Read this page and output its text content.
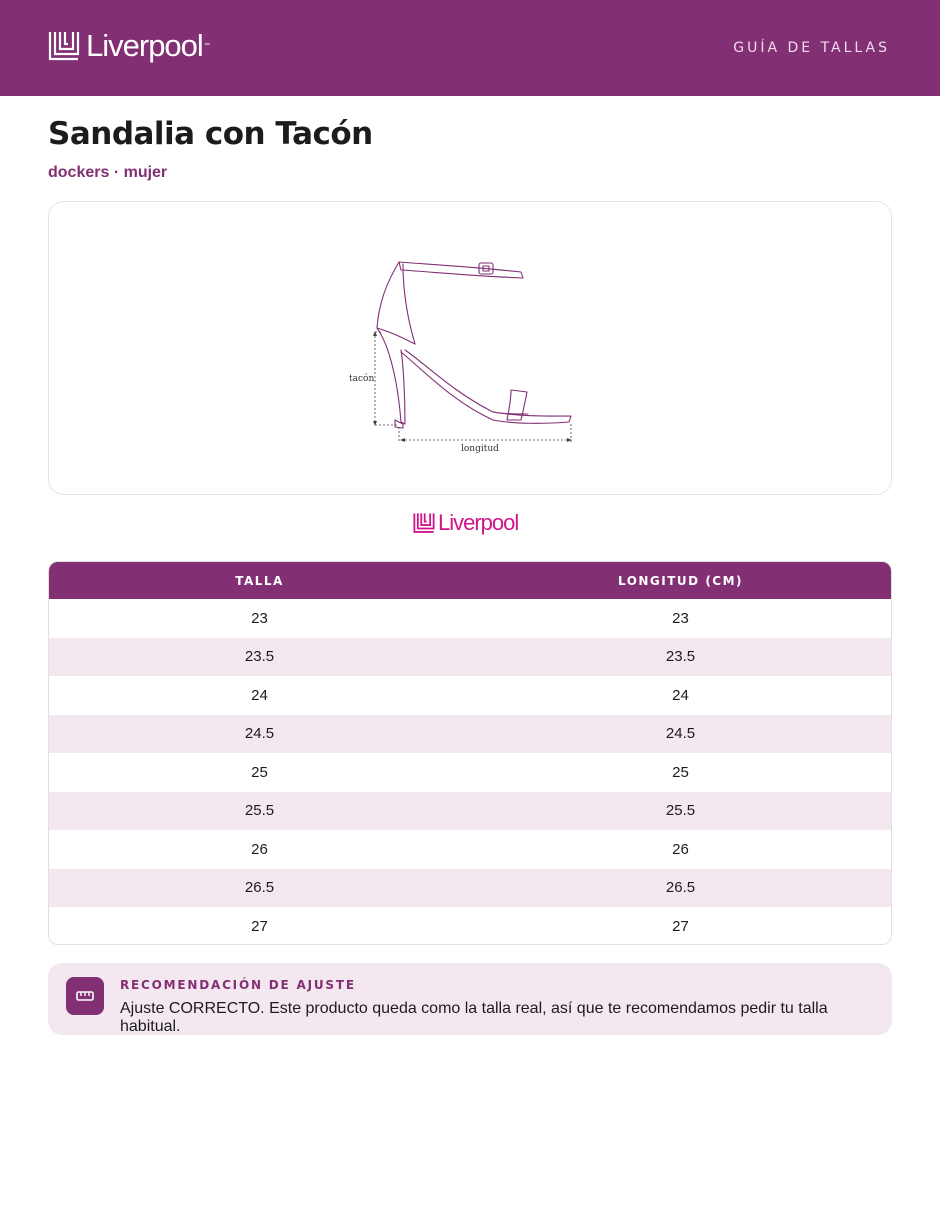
Liverpool ™	GUÍA DE TALLAS
Sandalia con Tacón
dockers · mujer
tacón
longitud
Liverpool
TALLA	LONGITUD (CM)
23	23
23.5	23.5
24	24
24.5	24.5
25	25
25.5	25.5
26	26
26.5	26.5
27	27
RECOMENDACIÓN DE AJUSTE
Ajuste CORRECTO. Este producto queda como la talla real, así que te recomendamos pedir tu talla habitual.
